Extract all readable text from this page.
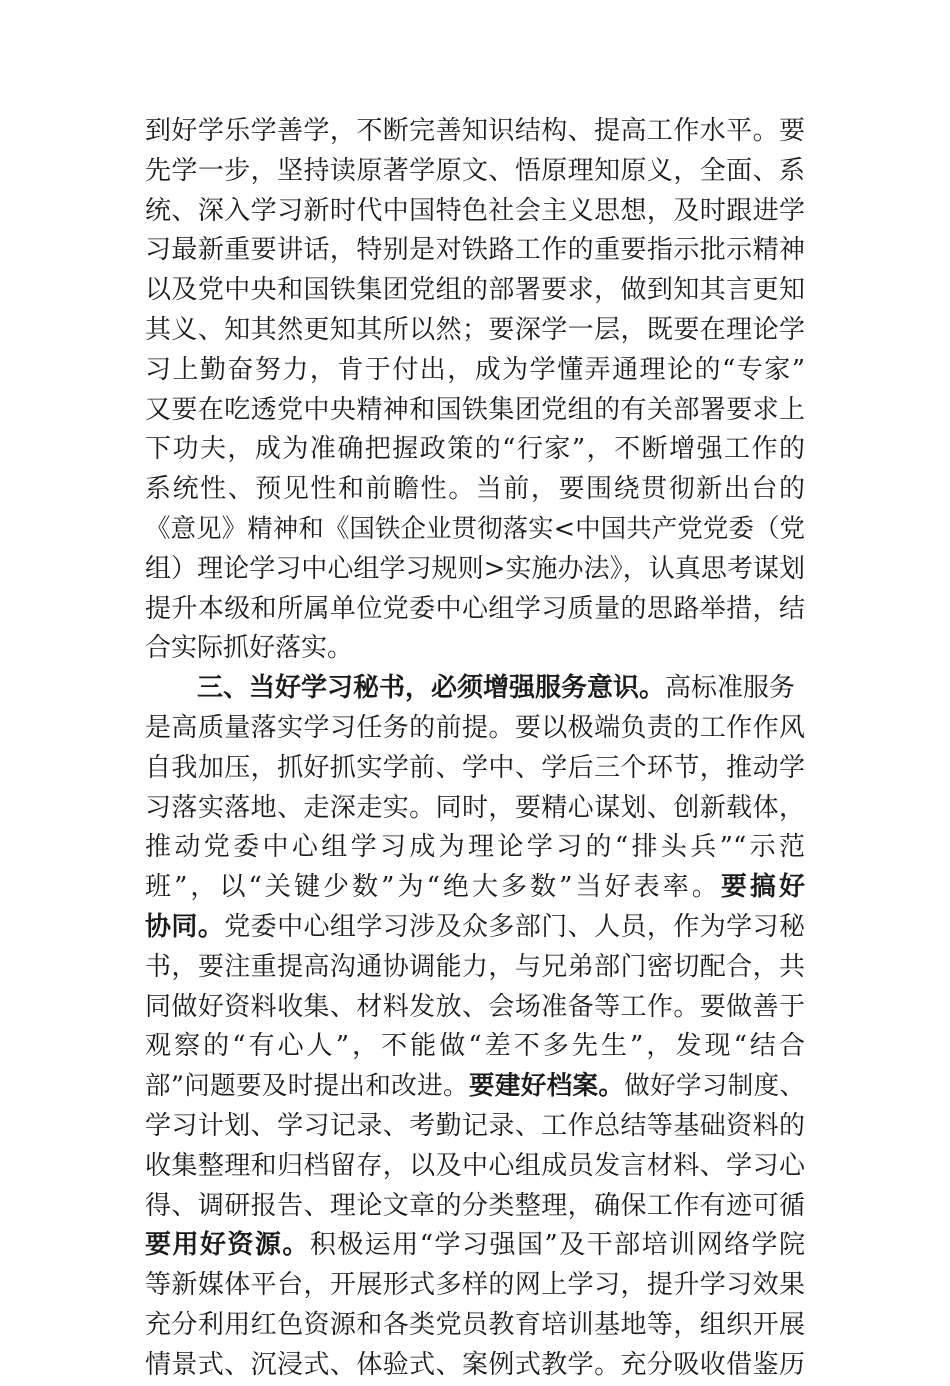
到好学乐学善学，不断完善知识结构、提高工作水平。要
先学一步，坚持读原著学原文、悟原理知原义，全面、系
统、深入学习新时代中国特色社会主义思想，及时跟进学
习最新重要讲话，特别是对铁路工作的重要指示批示精神
以及党中央和国铁集团党组的部署要求，做到知其言更知
其义、知其然更知其所以然；要深学一层，既要在理论学
习上勤奋努力，肯于付出，成为学懂弄通理论的“专家”
又要在吃透党中央精神和国铁集团党组的有关部署要求上
下功夫，成为准确把握政策的“行家”，不断增强工作的
系统性、预见性和前瞻性。当前，要围绕贯彻新出台的
《意见》精神和《国铁企业贯彻落实<中国共产党党委（党
组）理论学习中心组学习规则>实施办法》，认真思考谋划
提升本级和所属单位党委中心组学习质量的思路举措，结
合实际抓好落实。
三、当好学习秘书，必须增强服务意识。高标准服务
是高质量落实学习任务的前提。要以极端负责的工作作风
自我加压，抓好抓实学前、学中、学后三个环节，推动学
习落实落地、走深走实。同时，要精心谋划、创新载体，
推动党委中心组学习成为理论学习的“排头兵”“示范
班”，以“关键少数”为“绝大多数”当好表率。要搞好
协同。党委中心组学习涉及众多部门、人员，作为学习秘
书，要注重提高沟通协调能力，与兄弟部门密切配合，共
同做好资料收集、材料发放、会场准备等工作。要做善于
观察的“有心人”，不能做“差不多先生”，发现“结合
部”问题要及时提出和改进。要建好档案。做好学习制度、
学习计划、学习记录、考勤记录、工作总结等基础资料的
收集整理和归档留存，以及中心组成员发言材料、学习心
得、调研报告、理论文章的分类整理，确保工作有迹可循
要用好资源。积极运用“学习强国”及干部培训网络学院
等新媒体平台，开展形式多样的网上学习，提升学习效果
充分利用红色资源和各类党员教育培训基地等，组织开展
情景式、沉浸式、体验式、案例式教学。充分吸收借鉴历
